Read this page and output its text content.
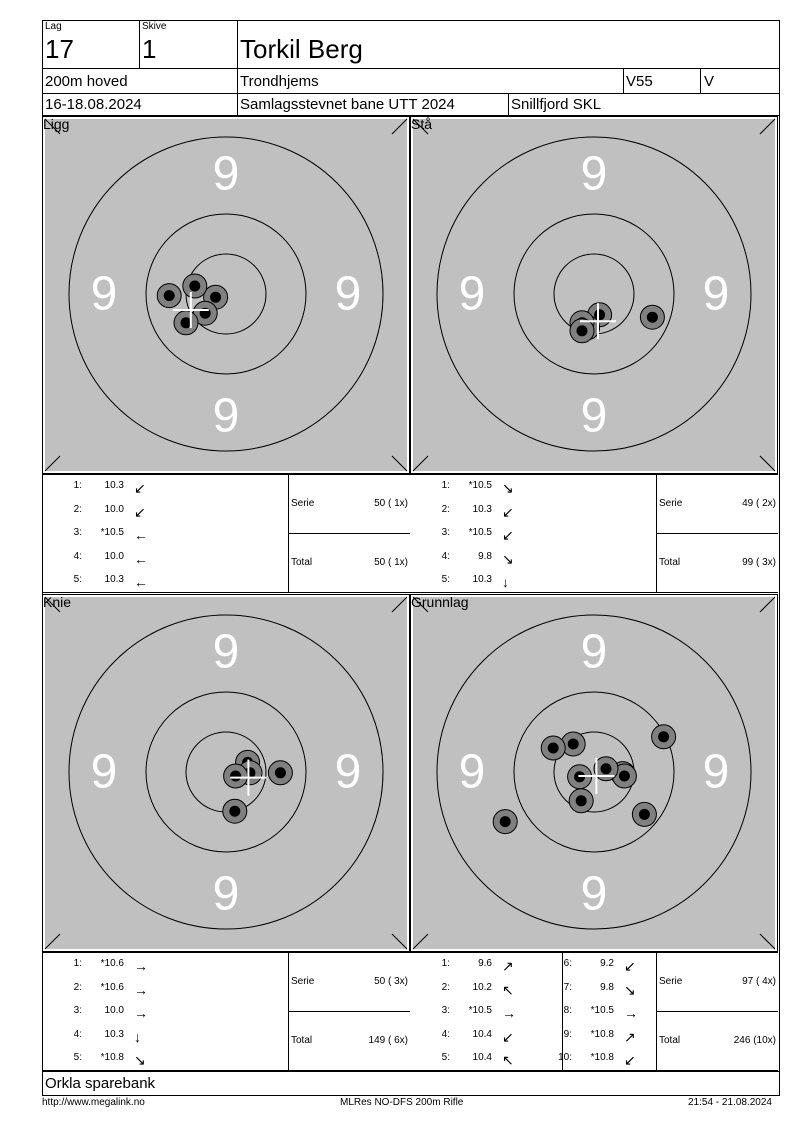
Lag
17
Skive
1	Torkil Berg
200m hoved	Trondhjems	V55	V
16-18.08.2024	Samlagsstevnet bane UTT 2024	Snillfjord SKL
9
9
9	9
Ligg
1: 10.3 ↙
2: 10.0 ↙
3: *10.5 ←
4: 10.0 ←
5: 10.3 ←
Serie	50 ( 1x)
Total	50 ( 1x)
9
9
9	9
Stå
1: *10.5 ↘
2: 10.3 ↙
3: *10.5 ↙
4:	9.8 ↘
5: 10.3 ↓
Serie	49 ( 2x)
Total	99 ( 3x)
9
9
9	9
Knie
1: *10.6 →
2: *10.6 →
3: 10.0 →
4: 10.3 ↓
5: *10.8 ↘
Serie	50 ( 3x)
Total	149 ( 6x)
9
9
9	9
Grunnlag
1:	9.6 ↗
2: 10.2 ↖
3: *10.5 →
4: 10.4 ↙
5: 10.4 ↖
6:	9.2 ↙
7:	9.8 ↘
8: *10.5 →
9: *10.8 ↗
10: *10.8 ↙
Serie	97 ( 4x)
Total	246 (10x)
Orkla sparebank
http://www.megalink.no	MLRes NO-DFS 200m Rifle	21:54 - 21.08.2024
